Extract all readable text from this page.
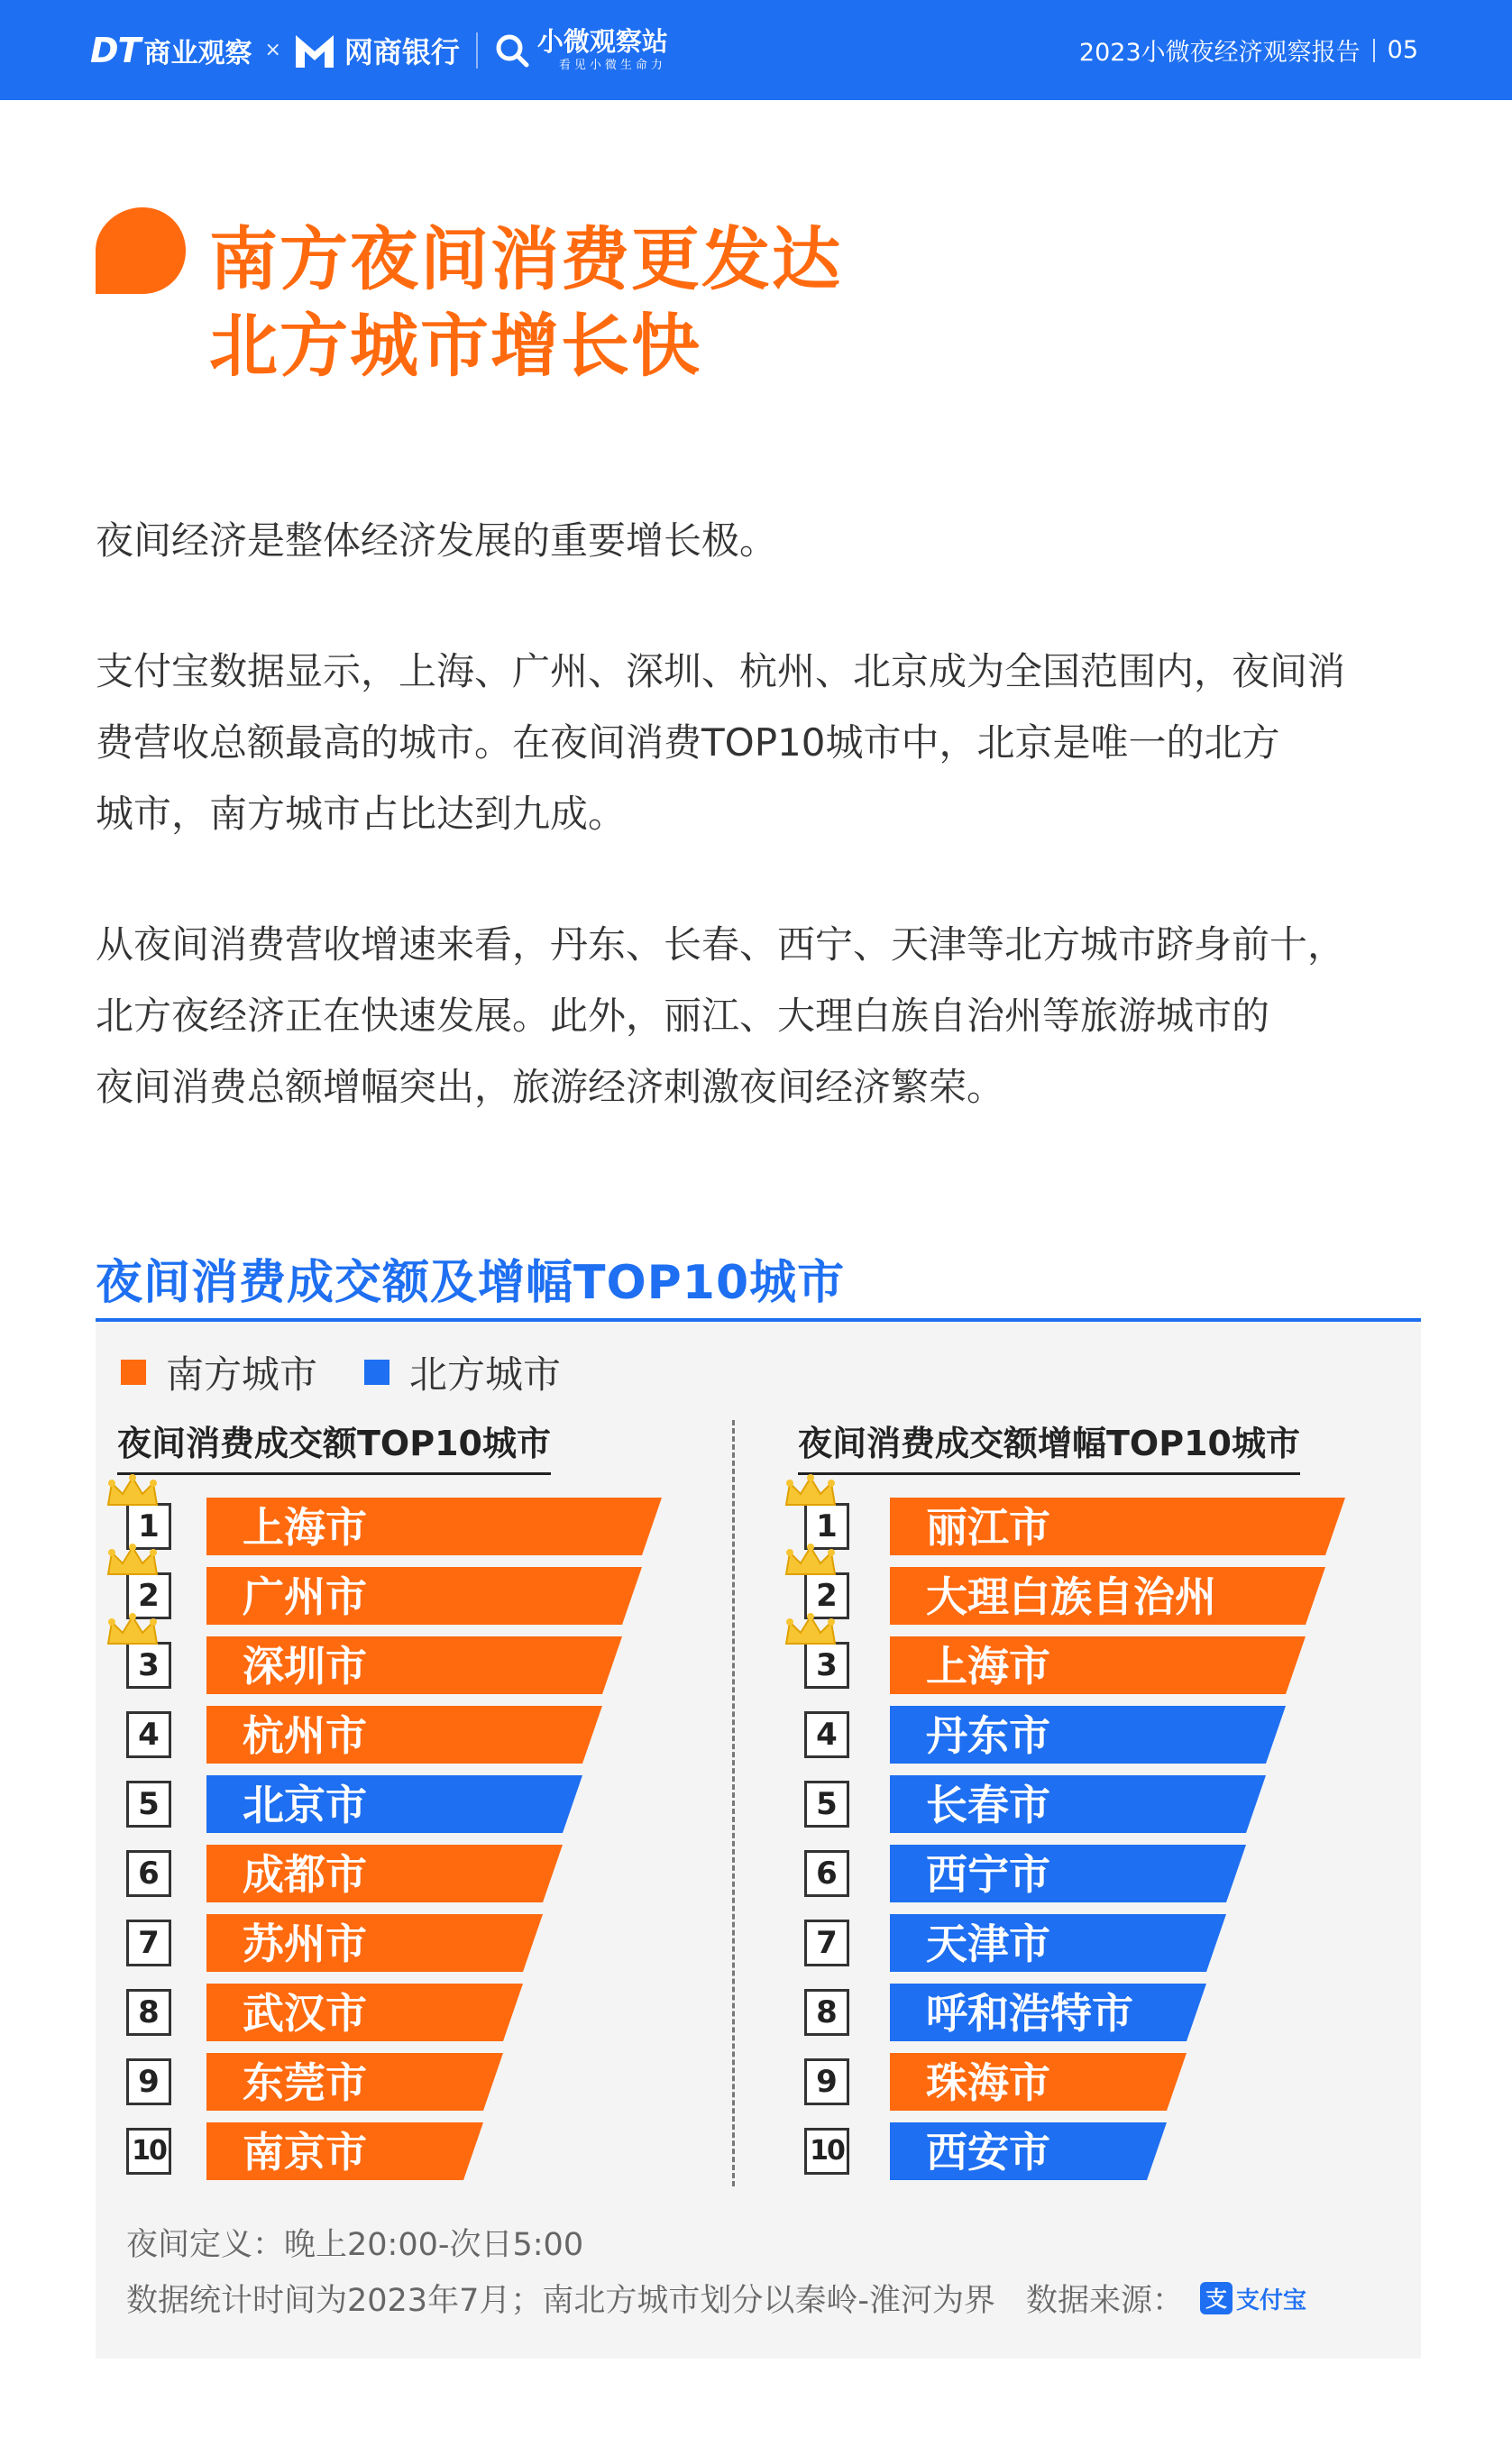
DT 商业观察 × 网商银行	小微观察站
看见小微生命力	2023小微夜经济观察报告 05
南方夜间消费更发达
北方城市增长快
夜间经济是整体经济发展的重要增长极。
支付宝数据显示，上海、广州、深圳、杭州、北京成为全国范围内，夜间消
费营收总额最高的城市。在夜间消费TOP10城市中，北京是唯一的北方
城市，南方城市占比达到九成。
从夜间消费营收增速来看，丹东、长春、西宁、天津等北方城市跻身前十，
北方夜经济正在快速发展。此外，丽江、大理白族自治州等旅游城市的
夜间消费总额增幅突出，旅游经济刺激夜间经济繁荣。
夜间消费成交额及增幅TOP10城市
南方城市 北方城市
夜间消费成交额TOP10城市	夜间消费成交额增幅TOP10城市
1 上海市
2 广州市
3 深圳市
4 杭州市
5 北京市
6 成都市
7 苏州市
8 武汉市
9 东莞市
10 南京市
1 丽江市
2 大理白族自治州
3 上海市
4 丹东市
5 长春市
6 西宁市
7 天津市
8 呼和浩特市
9 珠海市
10 西安市
夜间定义：晚上20:00-次日5:00
数据统计时间为2023年7月；南北方城市划分以秦岭-淮河为界 数据来源： 支 支付宝
